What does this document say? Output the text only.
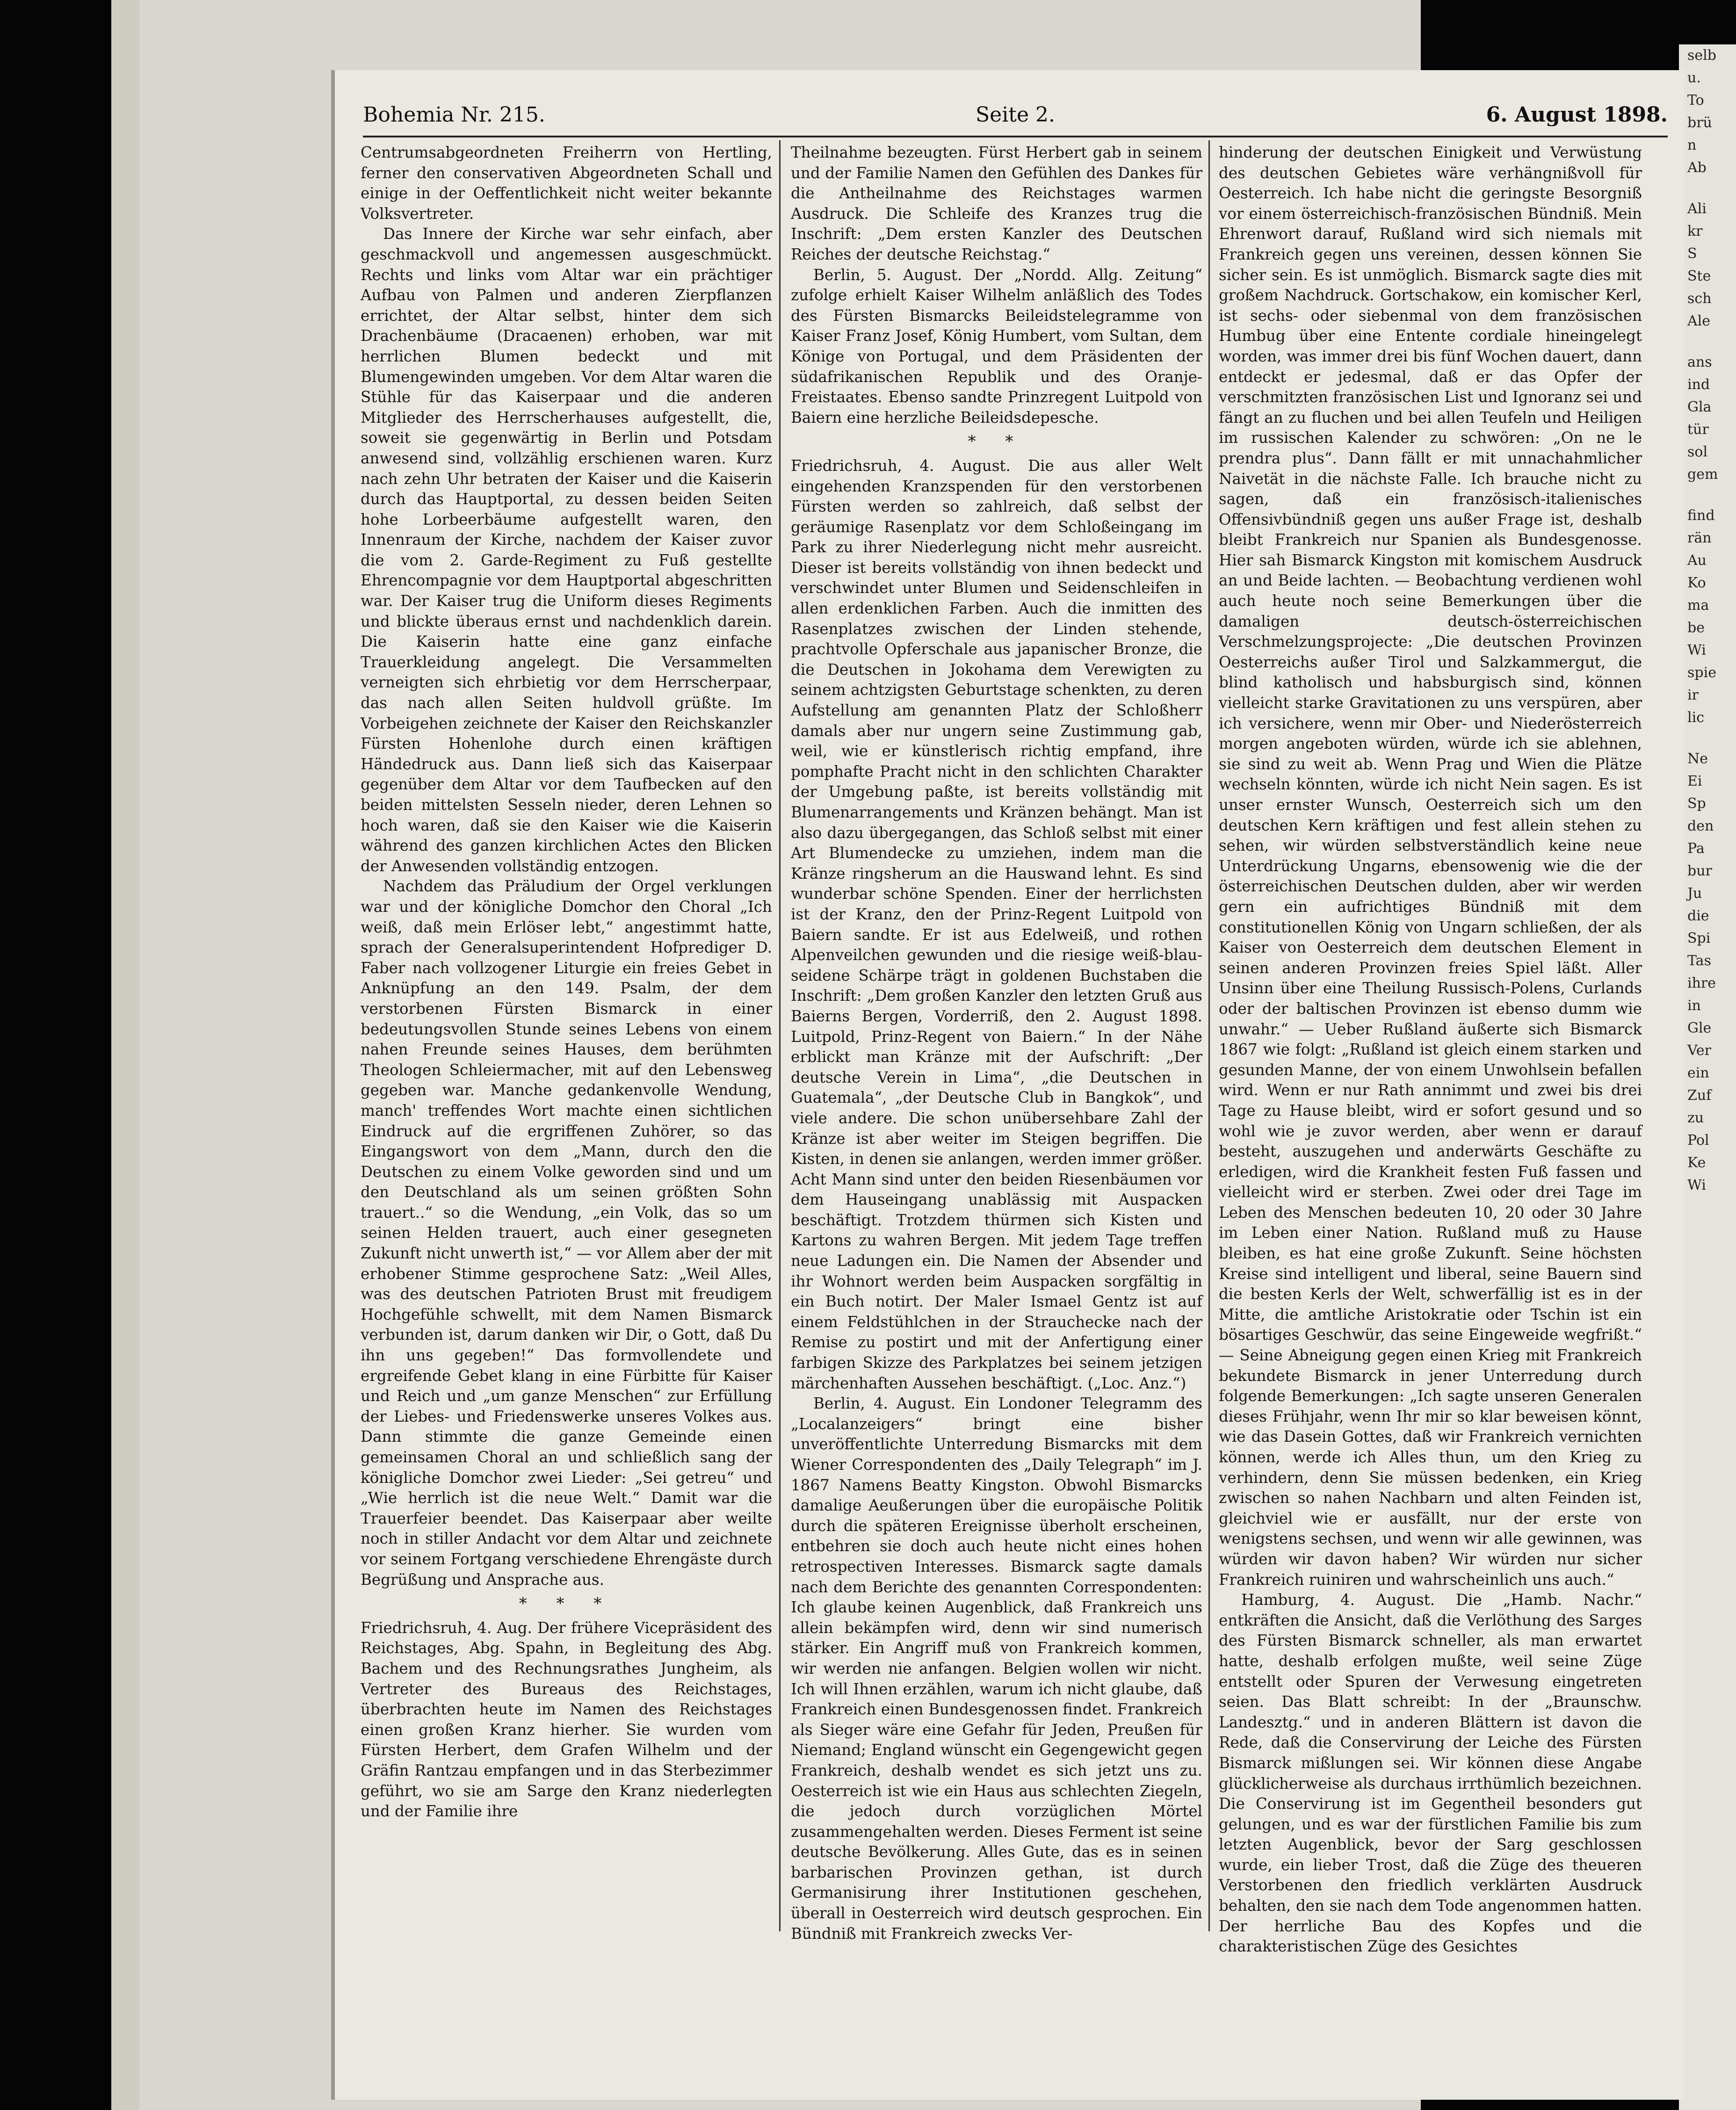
selb
u.
To
brü
n
Ab
Ali
kr
S
Ste
sch
Ale
ans
ind
Gla
tür
sol
gem
find
rän
Au
Ko
ma
be
Wi
spie
ir
lic
Ne
Ei
Sp
den
Pa
bur
Ju
die
Spi
Tas
ihre
in
Gle
Ver
ein
Zuf
zu
Pol
Ke
Wi
Bohemia Nr. 215.	Seite 2.	6. August 1898.

Centrumsabgeordneten Freiherrn von Hertling, ferner den conservativen Abgeordneten Schall und einige in der Oeffentlichkeit nicht weiter bekannte Volksvertreter.

Das Innere der Kirche war sehr einfach, aber geschmackvoll und angemessen ausgeschmückt. Rechts und links vom Altar war ein prächtiger Aufbau von Palmen und anderen Zierpflanzen errichtet, der Altar selbst, hinter dem sich Drachenbäume (Dracaenen) erhoben, war mit herrlichen Blumen bedeckt und mit Blumengewinden umgeben. Vor dem Altar waren die Stühle für das Kaiserpaar und die anderen Mitglieder des Herrscherhauses aufgestellt, die, soweit sie gegenwärtig in Berlin und Potsdam anwesend sind, vollzählig erschienen waren. Kurz nach zehn Uhr betraten der Kaiser und die Kaiserin durch das Hauptportal, zu dessen beiden Seiten hohe Lorbeerbäume aufgestellt waren, den Innenraum der Kirche, nachdem der Kaiser zuvor die vom 2. Garde-Regiment zu Fuß gestellte Ehrencompagnie vor dem Hauptportal abgeschritten war. Der Kaiser trug die Uniform dieses Regiments und blickte überaus ernst und nachdenklich darein. Die Kaiserin hatte eine ganz einfache Trauerkleidung angelegt. Die Versammelten verneigten sich ehrbietig vor dem Herrscherpaar, das nach allen Seiten huldvoll grüßte. Im Vorbeigehen zeichnete der Kaiser den Reichskanzler Fürsten Hohenlohe durch einen kräftigen Händedruck aus. Dann ließ sich das Kaiserpaar gegenüber dem Altar vor dem Taufbecken auf den beiden mittelsten Sesseln nieder, deren Lehnen so hoch waren, daß sie den Kaiser wie die Kaiserin während des ganzen kirchlichen Actes den Blicken der Anwesenden vollständig entzogen.

Nachdem das Präludium der Orgel verklungen war und der königliche Domchor den Choral „Ich weiß, daß mein Erlöser lebt,“ angestimmt hatte, sprach der Generalsuperintendent Hofprediger D. Faber nach vollzogener Liturgie ein freies Gebet in Anknüpfung an den 149. Psalm, der dem verstorbenen Fürsten Bismarck in einer bedeutungsvollen Stunde seines Lebens von einem nahen Freunde seines Hauses, dem berühmten Theologen Schleiermacher, mit auf den Lebensweg gegeben war. Manche gedankenvolle Wendung, manch' treffendes Wort machte einen sichtlichen Eindruck auf die ergriffenen Zuhörer, so das Eingangswort von dem „Mann, durch den die Deutschen zu einem Volke geworden sind und um den Deutschland als um seinen größten Sohn trauert..“ so die Wendung, „ein Volk, das so um seinen Helden trauert, auch einer gesegneten Zukunft nicht unwerth ist,“ — vor Allem aber der mit erhobener Stimme gesprochene Satz: „Weil Alles, was des deutschen Patrioten Brust mit freudigem Hochgefühle schwellt, mit dem Namen Bismarck verbunden ist, darum danken wir Dir, o Gott, daß Du ihn uns gegeben!“ Das formvollendete und ergreifende Gebet klang in eine Fürbitte für Kaiser und Reich und „um ganze Menschen“ zur Erfüllung der Liebes- und Friedenswerke unseres Volkes aus. Dann stimmte die ganze Gemeinde einen gemeinsamen Choral an und schließlich sang der königliche Domchor zwei Lieder: „Sei getreu“ und „Wie herrlich ist die neue Welt.“ Damit war die Trauerfeier beendet. Das Kaiserpaar aber weilte noch in stiller Andacht vor dem Altar und zeichnete vor seinem Fortgang verschiedene Ehrengäste durch Begrüßung und Ansprache aus.

* * *

Friedrichsruh, 4. Aug. Der frühere Vicepräsident des Reichstages, Abg. Spahn, in Begleitung des Abg. Bachem und des Rechnungsrathes Jungheim, als Vertreter des Bureaus des Reichstages, überbrachten heute im Namen des Reichstages einen großen Kranz hierher. Sie wurden vom Fürsten Herbert, dem Grafen Wilhelm und der Gräfin Rantzau empfangen und in das Sterbezimmer geführt, wo sie am Sarge den Kranz niederlegten und der Familie ihre

Theilnahme bezeugten. Fürst Herbert gab in seinem und der Familie Namen den Gefühlen des Dankes für die Antheilnahme des Reichstages warmen Ausdruck. Die Schleife des Kranzes trug die Inschrift: „Dem ersten Kanzler des Deutschen Reiches der deutsche Reichstag.“

Berlin, 5. August. Der „Nordd. Allg. Zeitung“ zufolge erhielt Kaiser Wilhelm anläßlich des Todes des Fürsten Bismarcks Beileidstelegramme von Kaiser Franz Josef, König Humbert, vom Sultan, dem Könige von Portugal, und dem Präsidenten der südafrikanischen Republik und des Oranje-Freistaates. Ebenso sandte Prinzregent Luitpold von Baiern eine herzliche Beileidsdepesche.

* *

Friedrichsruh, 4. August. Die aus aller Welt eingehenden Kranzspenden für den verstorbenen Fürsten werden so zahlreich, daß selbst der geräumige Rasenplatz vor dem Schloßeingang im Park zu ihrer Niederlegung nicht mehr ausreicht. Dieser ist bereits vollständig von ihnen bedeckt und verschwindet unter Blumen und Seidenschleifen in allen erdenklichen Farben. Auch die inmitten des Rasenplatzes zwischen der Linden stehende, prachtvolle Opferschale aus japanischer Bronze, die die Deutschen in Jokohama dem Verewigten zu seinem achtzigsten Geburtstage schenkten, zu deren Aufstellung am genannten Platz der Schloßherr damals aber nur ungern seine Zustimmung gab, weil, wie er künstlerisch richtig empfand, ihre pomphafte Pracht nicht in den schlichten Charakter der Umgebung paßte, ist bereits vollständig mit Blumenarrangements und Kränzen behängt. Man ist also dazu übergegangen, das Schloß selbst mit einer Art Blumendecke zu umziehen, indem man die Kränze ringsherum an die Hauswand lehnt. Es sind wunderbar schöne Spenden. Einer der herrlichsten ist der Kranz, den der Prinz-Regent Luitpold von Baiern sandte. Er ist aus Edelweiß, und rothen Alpenveilchen gewunden und die riesige weiß-blau-seidene Schärpe trägt in goldenen Buchstaben die Inschrift: „Dem großen Kanzler den letzten Gruß aus Baierns Bergen, Vorderriß, den 2. August 1898. Luitpold, Prinz-Regent von Baiern.“ In der Nähe erblickt man Kränze mit der Aufschrift: „Der deutsche Verein in Lima“, „die Deutschen in Guatemala“, „der Deutsche Club in Bangkok“, und viele andere. Die schon unübersehbare Zahl der Kränze ist aber weiter im Steigen begriffen. Die Kisten, in denen sie anlangen, werden immer größer. Acht Mann sind unter den beiden Riesenbäumen vor dem Hauseingang unablässig mit Auspacken beschäftigt. Trotzdem thürmen sich Kisten und Kartons zu wahren Bergen. Mit jedem Tage treffen neue Ladungen ein. Die Namen der Absender und ihr Wohnort werden beim Auspacken sorgfältig in ein Buch notirt. Der Maler Ismael Gentz ist auf einem Feldstühlchen in der Strauchecke nach der Remise zu postirt und mit der Anfertigung einer farbigen Skizze des Parkplatzes bei seinem jetzigen märchenhaften Aussehen beschäftigt. („Loc. Anz.“)

Berlin, 4. August. Ein Londoner Telegramm des „Localanzeigers“ bringt eine bisher unveröffentlichte Unterredung Bismarcks mit dem Wiener Correspondenten des „Daily Telegraph“ im J. 1867 Namens Beatty Kingston. Obwohl Bismarcks damalige Aeußerungen über die europäische Politik durch die späteren Ereignisse überholt erscheinen, entbehren sie doch auch heute nicht eines hohen retrospectiven Interesses. Bismarck sagte damals nach dem Berichte des genannten Correspondenten: Ich glaube keinen Augenblick, daß Frankreich uns allein bekämpfen wird, denn wir sind numerisch stärker. Ein Angriff muß von Frankreich kommen, wir werden nie anfangen. Belgien wollen wir nicht. Ich will Ihnen erzählen, warum ich nicht glaube, daß Frankreich einen Bundesgenossen findet. Frankreich als Sieger wäre eine Gefahr für Jeden, Preußen für Niemand; England wünscht ein Gegengewicht gegen Frankreich, deshalb wendet es sich jetzt uns zu. Oesterreich ist wie ein Haus aus schlechten Ziegeln, die jedoch durch vorzüglichen Mörtel zusammengehalten werden. Dieses Ferment ist seine deutsche Bevölkerung. Alles Gute, das es in seinen barbarischen Provinzen gethan, ist durch Germanisirung ihrer Institutionen geschehen, überall in Oesterreich wird deutsch gesprochen. Ein Bündniß mit Frankreich zwecks Ver-

hinderung der deutschen Einigkeit und Verwüstung des deutschen Gebietes wäre verhängnißvoll für Oesterreich. Ich habe nicht die geringste Besorgniß vor einem österreichisch-französischen Bündniß. Mein Ehrenwort darauf, Rußland wird sich niemals mit Frankreich gegen uns vereinen, dessen können Sie sicher sein. Es ist unmöglich. Bismarck sagte dies mit großem Nachdruck. Gortschakow, ein komischer Kerl, ist sechs- oder siebenmal von dem französischen Humbug über eine Entente cordiale hineingelegt worden, was immer drei bis fünf Wochen dauert, dann entdeckt er jedesmal, daß er das Opfer der verschmitzten französischen List und Ignoranz sei und fängt an zu fluchen und bei allen Teufeln und Heiligen im russischen Kalender zu schwören: „On ne le prendra plus“. Dann fällt er mit unnachahmlicher Naivetät in die nächste Falle. Ich brauche nicht zu sagen, daß ein französisch-italienisches Offensivbündniß gegen uns außer Frage ist, deshalb bleibt Frankreich nur Spanien als Bundesgenosse. Hier sah Bismarck Kingston mit komischem Ausdruck an und Beide lachten. — Beobachtung verdienen wohl auch heute noch seine Bemerkungen über die damaligen deutsch-österreichischen Verschmelzungsprojecte: „Die deutschen Provinzen Oesterreichs außer Tirol und Salzkammergut, die blind katholisch und habsburgisch sind, können vielleicht starke Gravitationen zu uns verspüren, aber ich versichere, wenn mir Ober- und Niederösterreich morgen angeboten würden, würde ich sie ablehnen, sie sind zu weit ab. Wenn Prag und Wien die Plätze wechseln könnten, würde ich nicht Nein sagen. Es ist unser ernster Wunsch, Oesterreich sich um den deutschen Kern kräftigen und fest allein stehen zu sehen, wir würden selbstverständlich keine neue Unterdrückung Ungarns, ebensowenig wie die der österreichischen Deutschen dulden, aber wir werden gern ein aufrichtiges Bündniß mit dem constitutionellen König von Ungarn schließen, der als Kaiser von Oesterreich dem deutschen Element in seinen anderen Provinzen freies Spiel läßt. Aller Unsinn über eine Theilung Russisch-Polens, Curlands oder der baltischen Provinzen ist ebenso dumm wie unwahr.“ — Ueber Rußland äußerte sich Bismarck 1867 wie folgt: „Rußland ist gleich einem starken und gesunden Manne, der von einem Unwohlsein befallen wird. Wenn er nur Rath annimmt und zwei bis drei Tage zu Hause bleibt, wird er sofort gesund und so wohl wie je zuvor werden, aber wenn er darauf besteht, auszugehen und anderwärts Geschäfte zu erledigen, wird die Krankheit festen Fuß fassen und vielleicht wird er sterben. Zwei oder drei Tage im Leben des Menschen bedeuten 10, 20 oder 30 Jahre im Leben einer Nation. Rußland muß zu Hause bleiben, es hat eine große Zukunft. Seine höchsten Kreise sind intelligent und liberal, seine Bauern sind die besten Kerls der Welt, schwerfällig ist es in der Mitte, die amtliche Aristokratie oder Tschin ist ein bösartiges Geschwür, das seine Eingeweide wegfrißt.“ — Seine Abneigung gegen einen Krieg mit Frankreich bekundete Bismarck in jener Unterredung durch folgende Bemerkungen: „Ich sagte unseren Generalen dieses Frühjahr, wenn Ihr mir so klar beweisen könnt, wie das Dasein Gottes, daß wir Frankreich vernichten können, werde ich Alles thun, um den Krieg zu verhindern, denn Sie müssen bedenken, ein Krieg zwischen so nahen Nachbarn und alten Feinden ist, gleichviel wie er ausfällt, nur der erste von wenigstens sechsen, und wenn wir alle gewinnen, was würden wir davon haben? Wir würden nur sicher Frankreich ruiniren und wahrscheinlich uns auch.“

Hamburg, 4. August. Die „Hamb. Nachr.“ entkräften die Ansicht, daß die Verlöthung des Sarges des Fürsten Bismarck schneller, als man erwartet hatte, deshalb erfolgen mußte, weil seine Züge entstellt oder Spuren der Verwesung eingetreten seien. Das Blatt schreibt: In der „Braunschw. Landesztg.“ und in anderen Blättern ist davon die Rede, daß die Conservirung der Leiche des Fürsten Bismarck mißlungen sei. Wir können diese Angabe glücklicherweise als durchaus irrthümlich bezeichnen. Die Conservirung ist im Gegentheil besonders gut gelungen, und es war der fürstlichen Familie bis zum letzten Augenblick, bevor der Sarg geschlossen wurde, ein lieber Trost, daß die Züge des theueren Verstorbenen den friedlich verklärten Ausdruck behalten, den sie nach dem Tode angenommen hatten. Der herrliche Bau des Kopfes und die charakteristischen Züge des Gesichtes
